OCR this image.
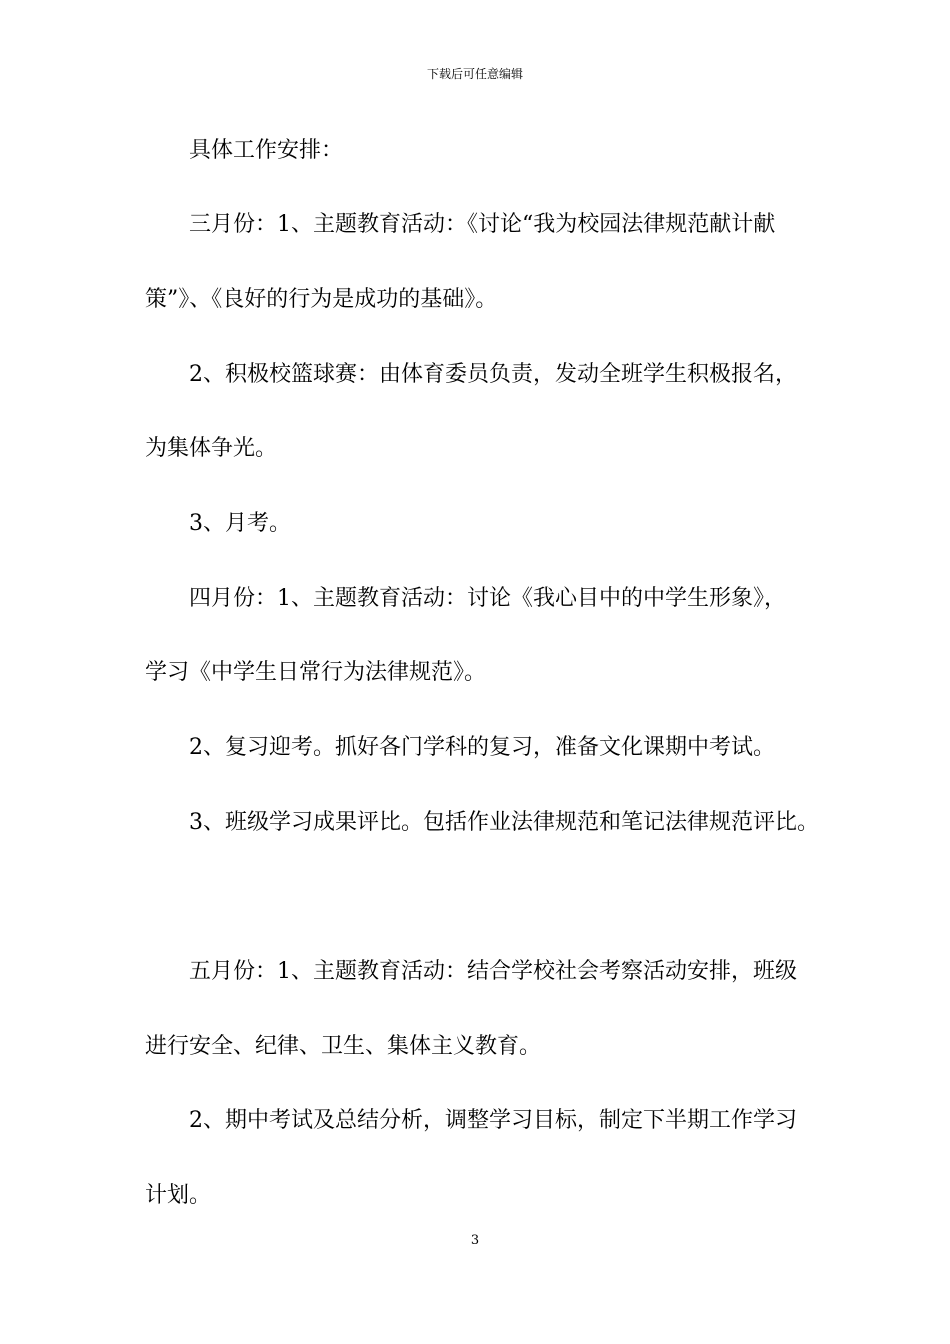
下载后可任意编辑
具体工作安排：
三月份：1、主题教育活动：《讨论“我为校园法律规范献计献
策”》、《良好的行为是成功的基础》。
2、积极校篮球赛：由体育委员负责，发动全班学生积极报名，
为集体争光。
3、月考。
四月份：1、主题教育活动：讨论《我心目中的中学生形象》，
学习《中学生日常行为法律规范》。
2、复习迎考。抓好各门学科的复习，准备文化课期中考试。
3、班级学习成果评比。包括作业法律规范和笔记法律规范评比。
五月份：1、主题教育活动：结合学校社会考察活动安排，班级
进行安全、纪律、卫生、集体主义教育。
2、期中考试及总结分析，调整学习目标，制定下半期工作学习
计划。
3
